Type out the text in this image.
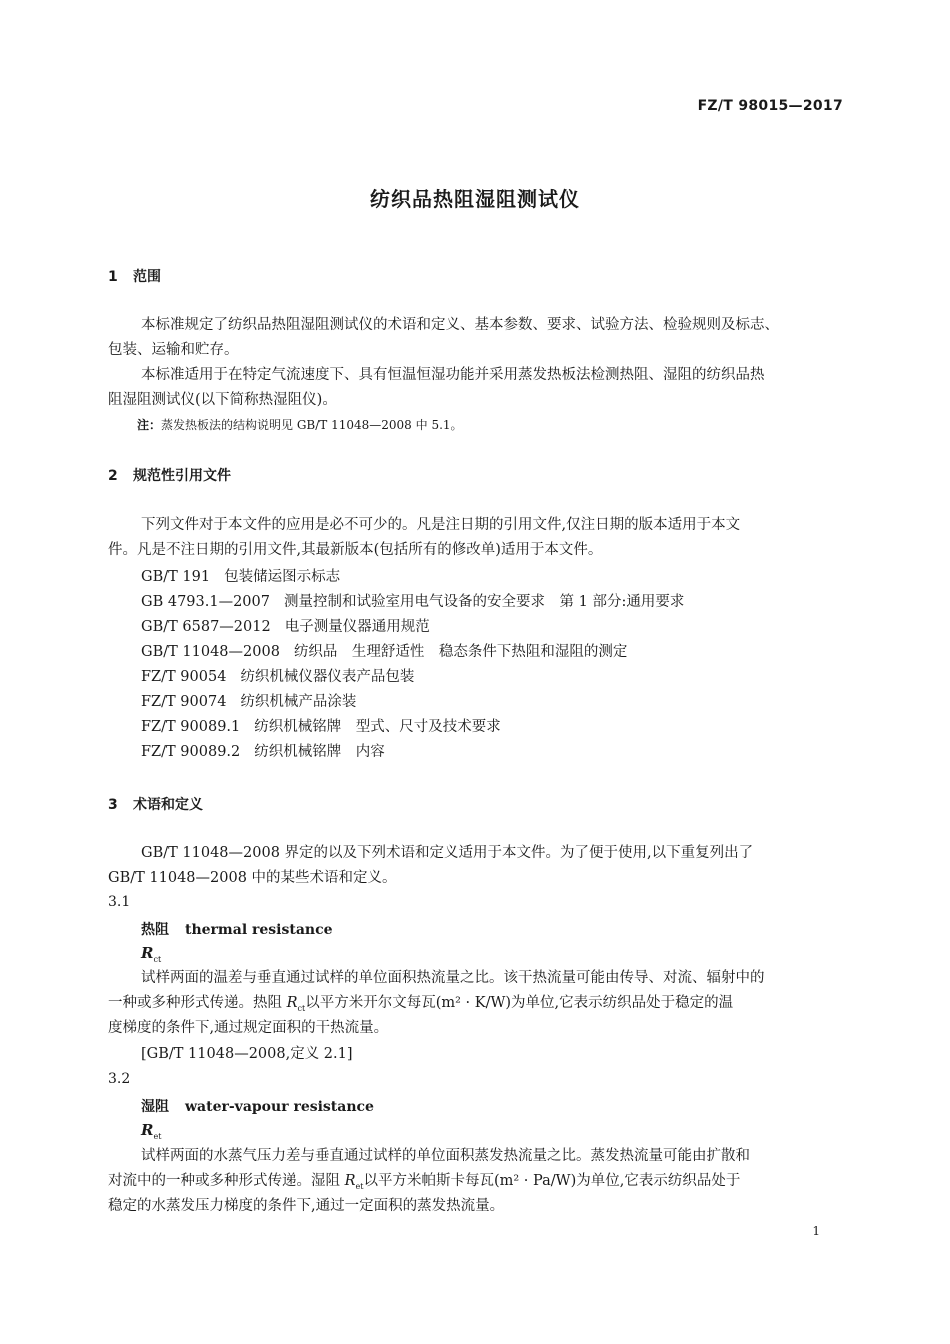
FZ/T 98015—2017
纺织品热阻湿阻测试仪
1 范围
本标准规定了纺织品热阻湿阻测试仪的术语和定义、基本参数、要求、试验方法、检验规则及标志、
包装、运输和贮存。
本标准适用于在特定气流速度下、具有恒温恒湿功能并采用蒸发热板法检测热阻、湿阻的纺织品热
阻湿阻测试仪(以下简称热湿阻仪)。
注：蒸发热板法的结构说明见 GB/T 11048—2008 中 5.1。
2 规范性引用文件
下列文件对于本文件的应用是必不可少的。凡是注日期的引用文件,仅注日期的版本适用于本文
件。凡是不注日期的引用文件,其最新版本(包括所有的修改单)适用于本文件。
GB/T 191 包装储运图示标志
GB 4793.1—2007 测量控制和试验室用电气设备的安全要求　第 1 部分:通用要求
GB/T 6587—2012 电子测量仪器通用规范
GB/T 11048—2008 纺织品　生理舒适性　稳态条件下热阻和湿阻的测定
FZ/T 90054 纺织机械仪器仪表产品包装
FZ/T 90074 纺织机械产品涂装
FZ/T 90089.1 纺织机械铭牌　型式、尺寸及技术要求
FZ/T 90089.2 纺织机械铭牌　内容
3 术语和定义
GB/T 11048—2008 界定的以及下列术语和定义适用于本文件。为了便于使用,以下重复列出了
GB/T 11048—2008 中的某些术语和定义。
3.1
热阻 thermal resistance
$R_{ct}$
试样两面的温差与垂直通过试样的单位面积热流量之比。该干热流量可能由传导、对流、辐射中的
一种或多种形式传递。热阻 $R_{ct}$以平方米开尔文每瓦(m² · K/W)为单位,它表示纺织品处于稳定的温
度梯度的条件下,通过规定面积的干热流量。
[GB/T 11048—2008,定义 2.1]
3.2
湿阻 water-vapour resistance
$R_{et}$
试样两面的水蒸气压力差与垂直通过试样的单位面积蒸发热流量之比。蒸发热流量可能由扩散和
对流中的一种或多种形式传递。湿阻 $R_{et}$以平方米帕斯卡每瓦(m² · Pa/W)为单位,它表示纺织品处于
稳定的水蒸发压力梯度的条件下,通过一定面积的蒸发热流量。
1
